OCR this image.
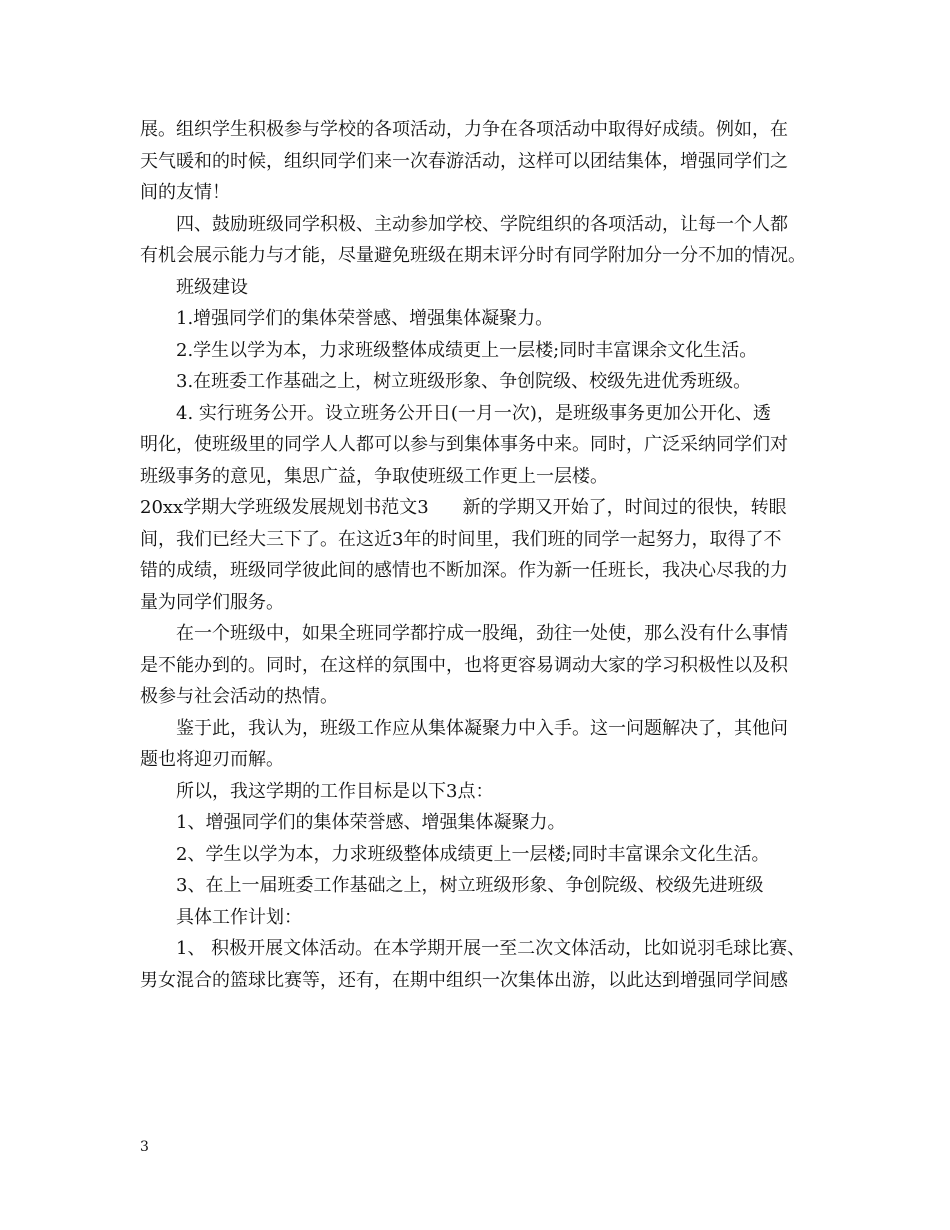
展。组织学生积极参与学校的各项活动，力争在各项活动中取得好成绩。例如，在
天气暖和的时候，组织同学们来一次春游活动，这样可以团结集体，增强同学们之
间的友情！
四、鼓励班级同学积极、主动参加学校、学院组织的各项活动，让每一个人都
有机会展示能力与才能，尽量避免班级在期末评分时有同学附加分一分不加的情况。
班级建设
1.增强同学们的集体荣誉感、增强集体凝聚力。
2.学生以学为本，力求班级整体成绩更上一层楼;同时丰富课余文化生活。
3.在班委工作基础之上，树立班级形象、争创院级、校级先进优秀班级。
4. 实行班务公开。设立班务公开日(一月一次)，是班级事务更加公开化、透
明化，使班级里的同学人人都可以参与到集体事务中来。同时，广泛采纳同学们对
班级事务的意见，集思广益，争取使班级工作更上一层楼。
20xx学期大学班级发展规划书范文3 新的学期又开始了，时间过的很快，转眼
间，我们已经大三下了。在这近3年的时间里，我们班的同学一起努力，取得了不
错的成绩，班级同学彼此间的感情也不断加深。作为新一任班长，我决心尽我的力
量为同学们服务。
在一个班级中，如果全班同学都拧成一股绳，劲往一处使，那么没有什么事情
是不能办到的。同时，在这样的氛围中，也将更容易调动大家的学习积极性以及积
极参与社会活动的热情。
鉴于此，我认为，班级工作应从集体凝聚力中入手。这一问题解决了，其他问
题也将迎刃而解。
所以，我这学期的工作目标是以下3点：
1、增强同学们的集体荣誉感、增强集体凝聚力。
2、学生以学为本，力求班级整体成绩更上一层楼;同时丰富课余文化生活。
3、在上一届班委工作基础之上，树立班级形象、争创院级、校级先进班级
具体工作计划：
1、 积极开展文体活动。在本学期开展一至二次文体活动，比如说羽毛球比赛、
男女混合的篮球比赛等，还有，在期中组织一次集体出游，以此达到增强同学间感
3
